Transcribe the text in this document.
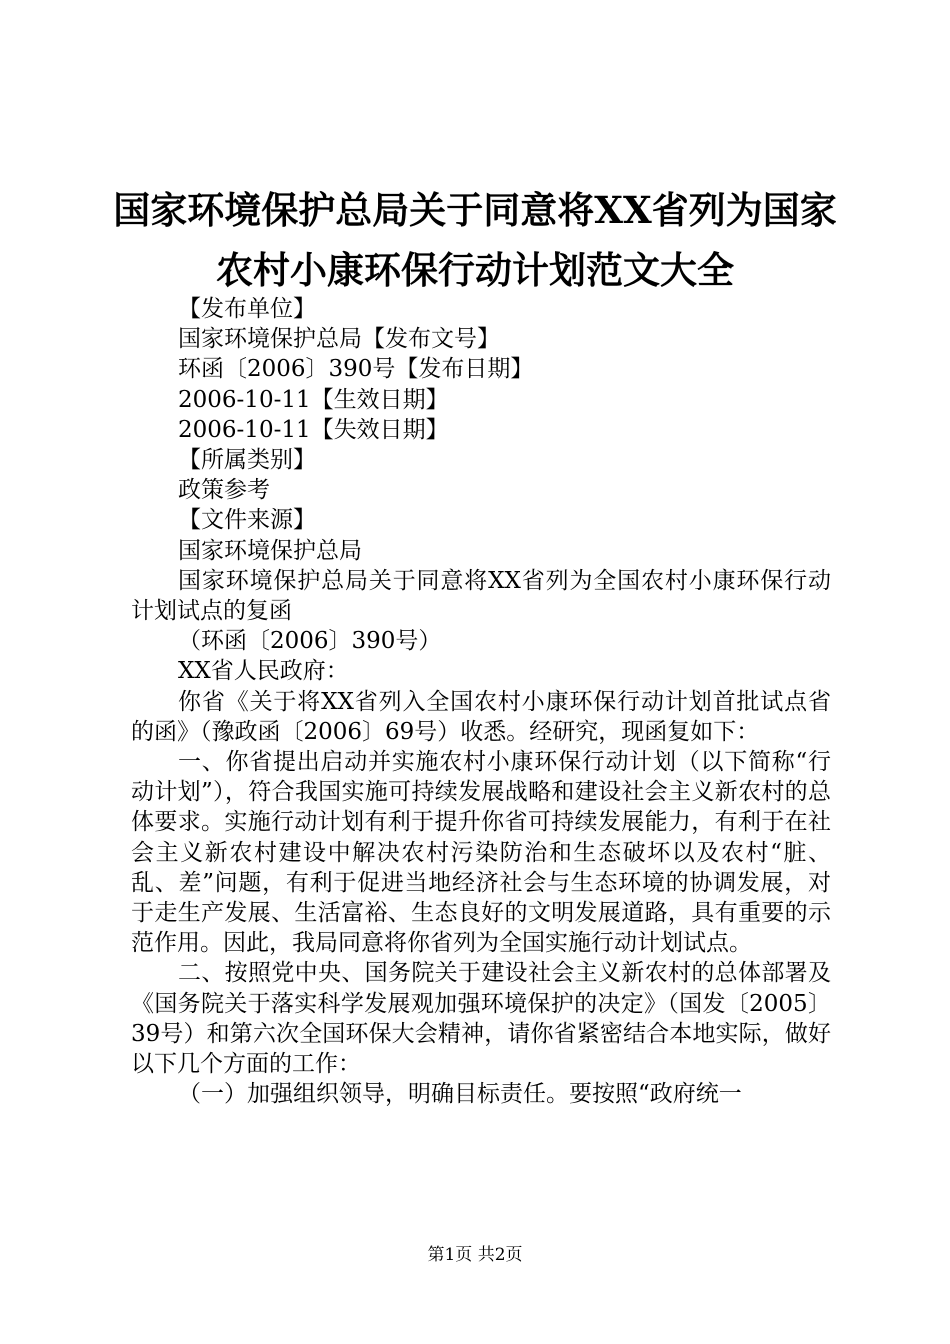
国家环境保护总局关于同意将XX省列为国家
农村小康环保行动计划范文大全

【发布单位】

国家环境保护总局【发布文号】

环函〔2006〕390号【发布日期】

2006-10-11【生效日期】

2006-10-11【失效日期】

【所属类别】

政策参考

【文件来源】

国家环境保护总局

国家环境保护总局关于同意将XX省列为全国农村小康环保行动计划试点的复函

（环函〔2006〕390号）

XX省人民政府：

你省《关于将XX省列入全国农村小康环保行动计划首批试点省的函》（豫政函〔2006〕69号）收悉。经研究，现函复如下：

一、你省提出启动并实施农村小康环保行动计划（以下简称“行动计划”），符合我国实施可持续发展战略和建设社会主义新农村的总体要求。实施行动计划有利于提升你省可持续发展能力，有利于在社会主义新农村建设中解决农村污染防治和生态破坏以及农村“脏、乱、差”问题，有利于促进当地经济社会与生态环境的协调发展，对于走生产发展、生活富裕、生态良好的文明发展道路，具有重要的示范作用。因此，我局同意将你省列为全国实施行动计划试点。

二、按照党中央、国务院关于建设社会主义新农村的总体部署及《国务院关于落实科学发展观加强环境保护的决定》（国发〔2005〕39号）和第六次全国环保大会精神，请你省紧密结合本地实际，做好以下几个方面的工作：

（一）加强组织领导，明确目标责任。要按照“政府统一

第1页 共2页
